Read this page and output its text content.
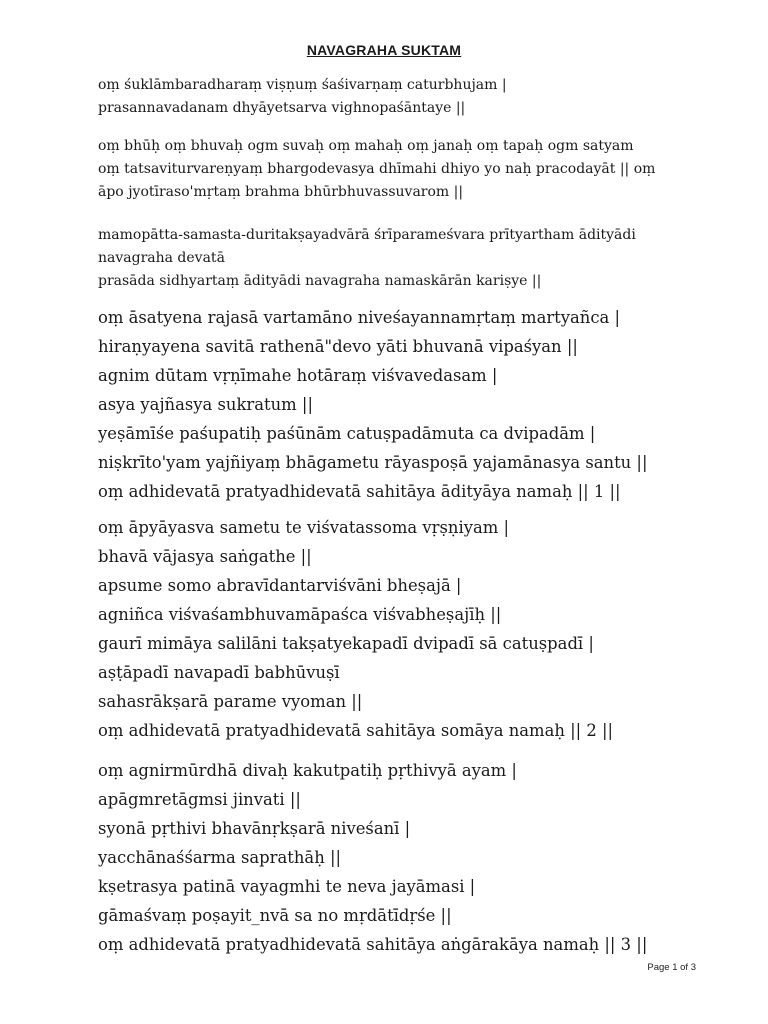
NAVAGRAHA SUKTAM
oṃ śuklāmbaradharaṃ viṣṇuṃ śaśivarṇaṃ caturbhujam |
prasannavadanam dhyāyetsarva vighnopaśāntaye ||
oṃ bhūḥ oṃ bhuvaḥ ogm suvaḥ oṃ mahaḥ oṃ janaḥ oṃ tapaḥ ogm satyam
oṃ tatsaviturvareṇyaṃ bhargodevasya dhīmahi dhiyo yo naḥ pracodayāt || oṃ
āpo jyotīraso'mṛtaṃ brahma bhūrbhuvassuvarom ||
mamopātta-samasta-duritakṣayadvārā śrīparameśvara prītyartham ādityādi
navagraha devatā
prasāda sidhyartaṃ ādityādi navagraha namaskārān kariṣye ||
oṃ āsatyena rajasā vartamāno niveśayannamṛtaṃ martyañca |
hiraṇyayena savitā rathenā"devo yāti bhuvanā vipaśyan ||
agnim dūtam vṛṇīmahe hotāraṃ viśvavedasam |
asya yajñasya sukratum ||
yeṣāmīśe paśupatiḥ paśūnām catuṣpadāmuta ca dvipadām |
niṣkrīto'yam yajñiyaṃ bhāgametu rāyaspoṣā yajamānasya santu ||
oṃ adhidevatā pratyadhidevatā sahitāya ādityāya namaḥ || 1 ||
oṃ āpyāyasva sametu te viśvatassoma vṛṣṇiyam |
bhavā vājasya saṅgathe ||
apsume somo abravīdantarviśvāni bheṣajā |
agniñca viśvaśambhuvamāpaśca viśvabheṣajīḥ ||
gaurī mimāya salilāni takṣatyekapadī dvipadī sā catuṣpadī |
aṣṭāpadī navapadī babhūvuṣī
sahasrākṣarā parame vyoman ||
oṃ adhidevatā pratyadhidevatā sahitāya somāya namaḥ || 2 ||
oṃ agnirmūrdhā divaḥ kakutpatiḥ pṛthivyā ayam |
apāgmretāgmsi jinvati ||
syonā pṛthivi bhavānṛkṣarā niveśanī |
yacchānaśśarma saprathāḥ ||
kṣetrasya patinā vayagmhi te neva jayāmasi |
gāmaśvaṃ poṣayit_nvā sa no mṛdātīdṛśe ||
oṃ adhidevatā pratyadhidevatā sahitāya aṅgārakāya namaḥ || 3 ||
Page 1 of 3
